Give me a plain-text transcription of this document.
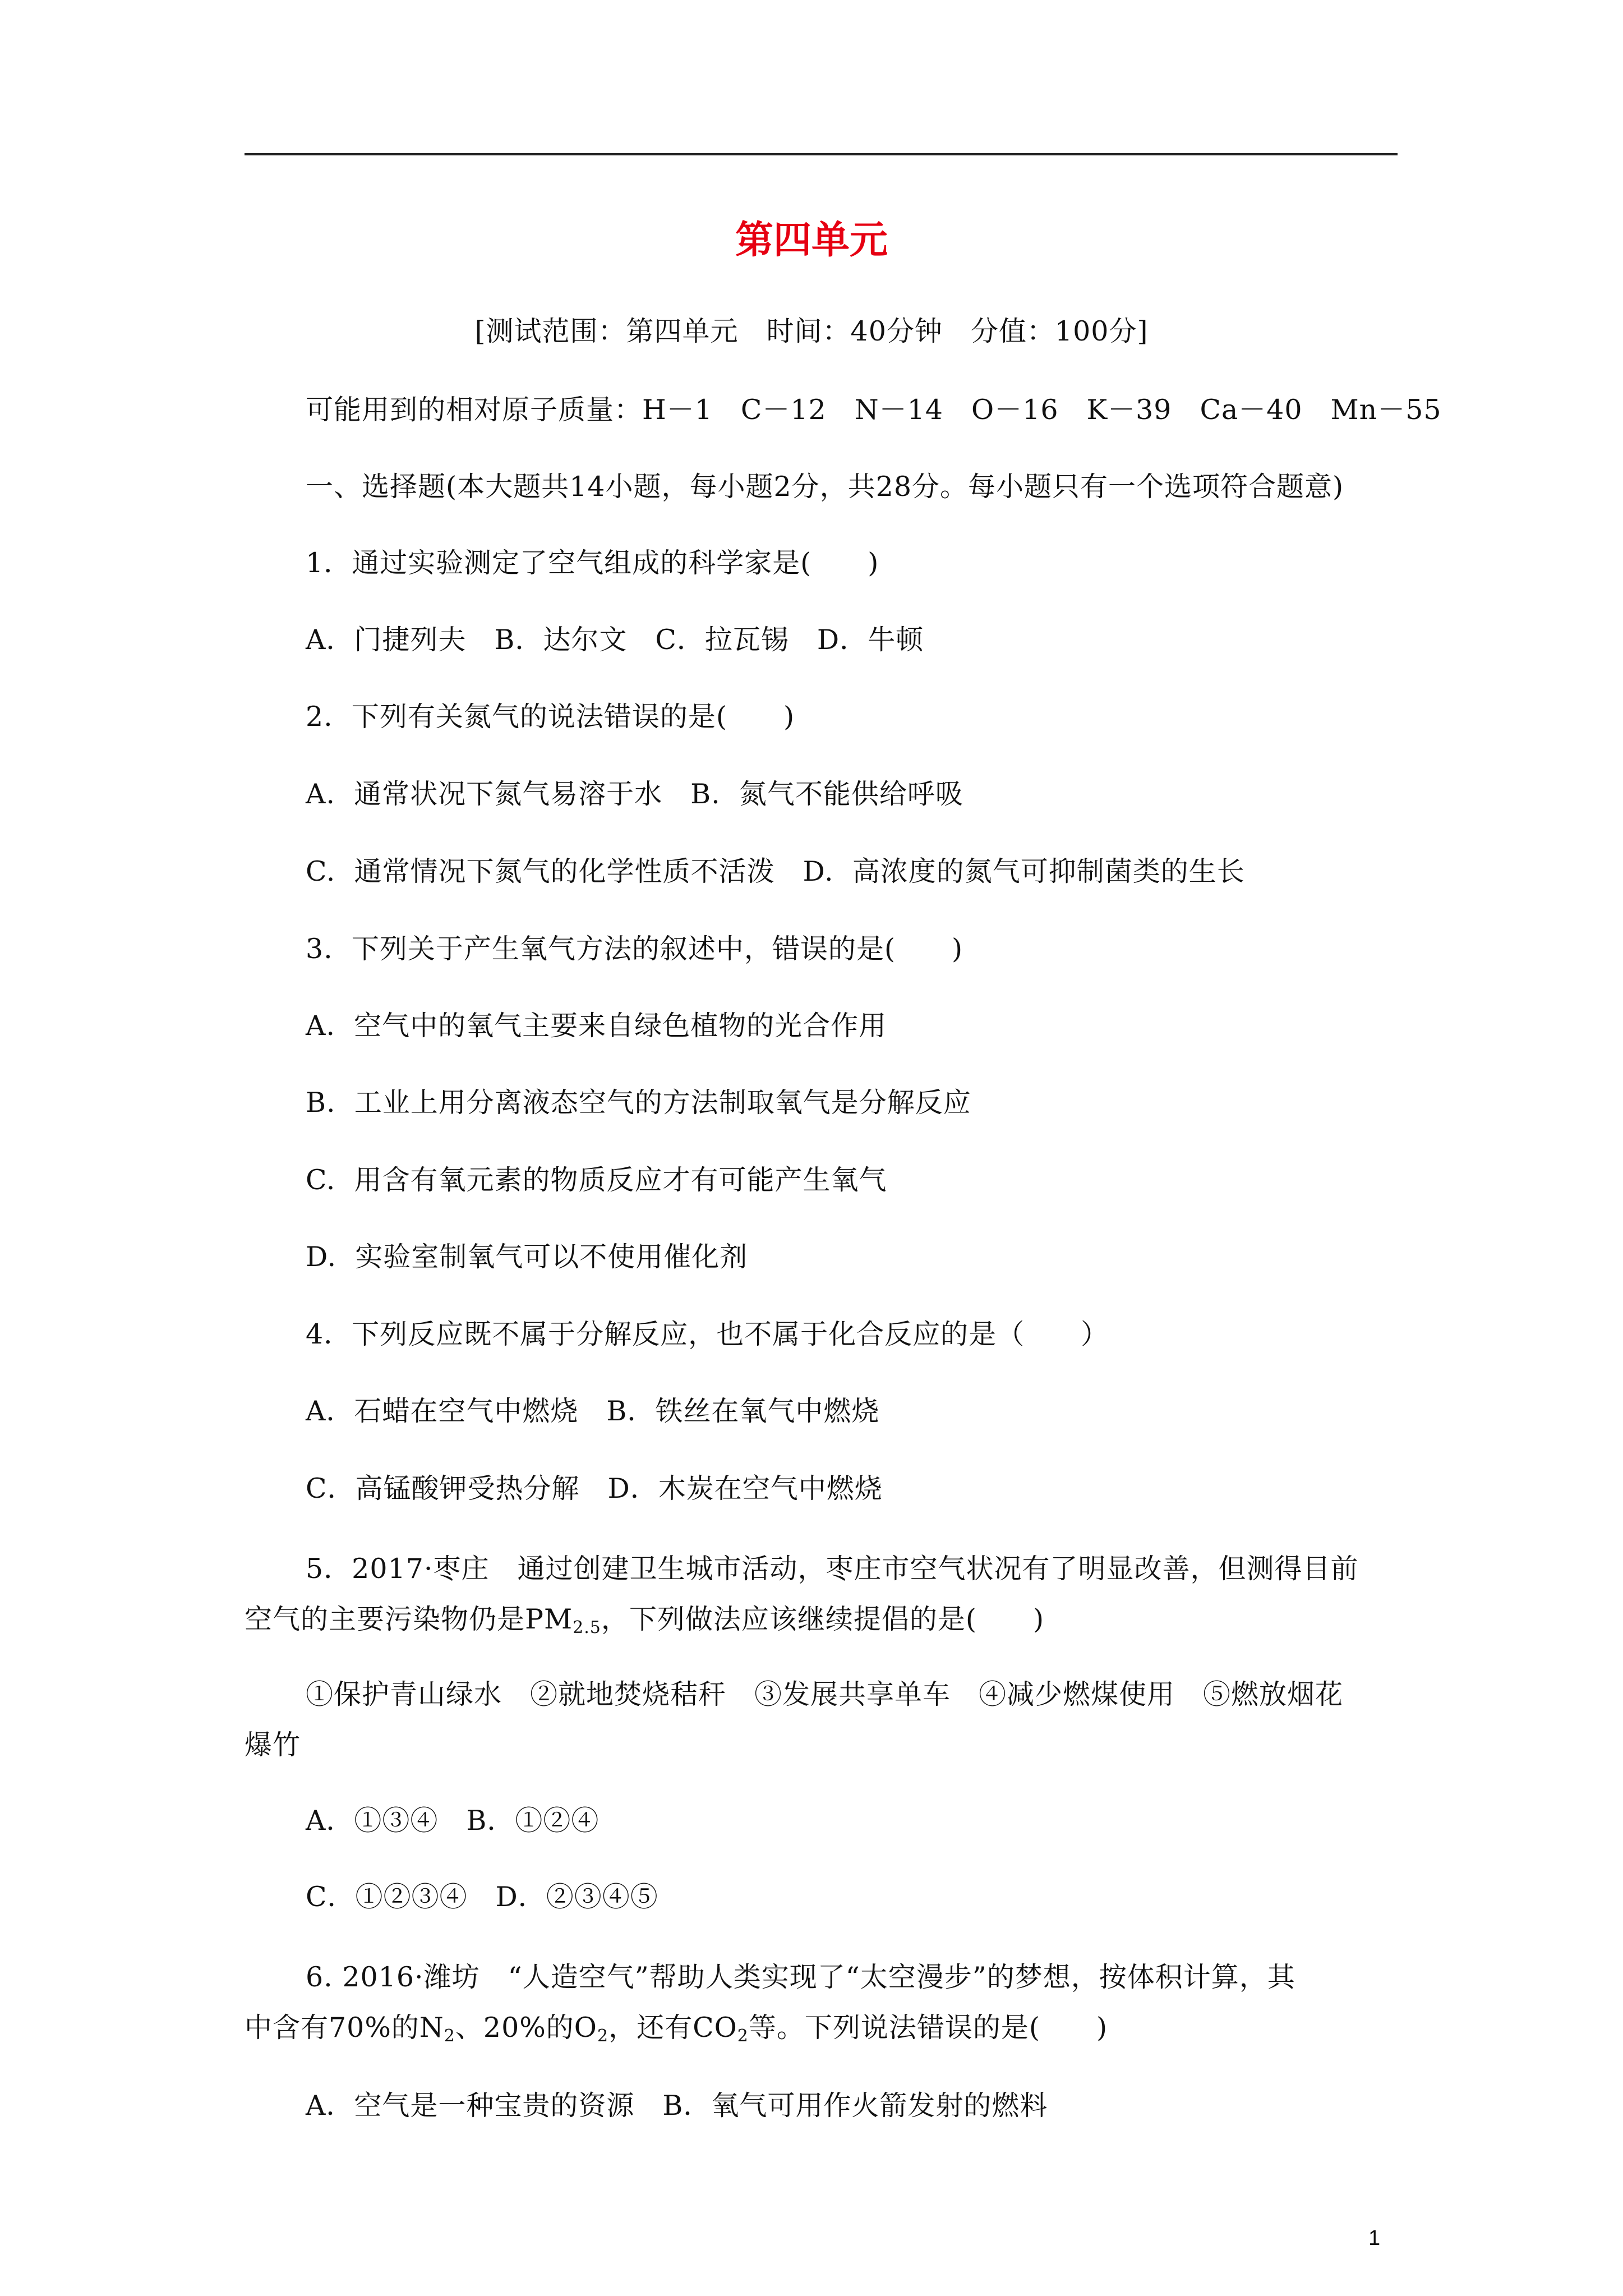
第四单元
[测试范围：第四单元　时间：40分钟　分值：100分]
可能用到的相对原子质量：H－1　C－12　N－14　O－16　K－39　Ca－40　Mn－55
一、选择题(本大题共14小题，每小题2分，共28分。每小题只有一个选项符合题意)
1．通过实验测定了空气组成的科学家是(　　)
A．门捷列夫　B．达尔文　C．拉瓦锡　D．牛顿
2.  下列有关氮气的说法错误的是(　　)
A.  通常状况下氮气易溶于水　B.  氮气不能供给呼吸
C.  通常情况下氮气的化学性质不活泼　D.  高浓度的氮气可抑制菌类的生长
3.  下列关于产生氧气方法的叙述中，错误的是(　　)
A.  空气中的氧气主要来自绿色植物的光合作用
B.  工业上用分离液态空气的方法制取氧气是分解反应
C.  用含有氧元素的物质反应才有可能产生氧气
D.  实验室制氧气可以不使用催化剂
4．下列反应既不属于分解反应，也不属于化合反应的是（　　）
A．石蜡在空气中燃烧　B．铁丝在氧气中燃烧
C．高锰酸钾受热分解　D．木炭在空气中燃烧
5．2017·枣庄　通过创建卫生城市活动，枣庄市空气状况有了明显改善，但测得目前
空气的主要污染物仍是$PM_{2.5}$，下列做法应该继续提倡的是(　　)
①保护青山绿水　②就地焚烧秸秆　③发展共享单车　④减少燃煤使用　⑤燃放烟花
爆竹
A．①③④　B．①②④
C．①②③④　D．②③④⑤
6. 2016·潍坊　“人造空气”帮助人类实现了“太空漫步”的梦想，按体积计算，其
中含有70%的$N_2$、20%的$O_2$，还有$CO_2$等。下列说法错误的是(　　)
A．空气是一种宝贵的资源　B．氧气可用作火箭发射的燃料
1
